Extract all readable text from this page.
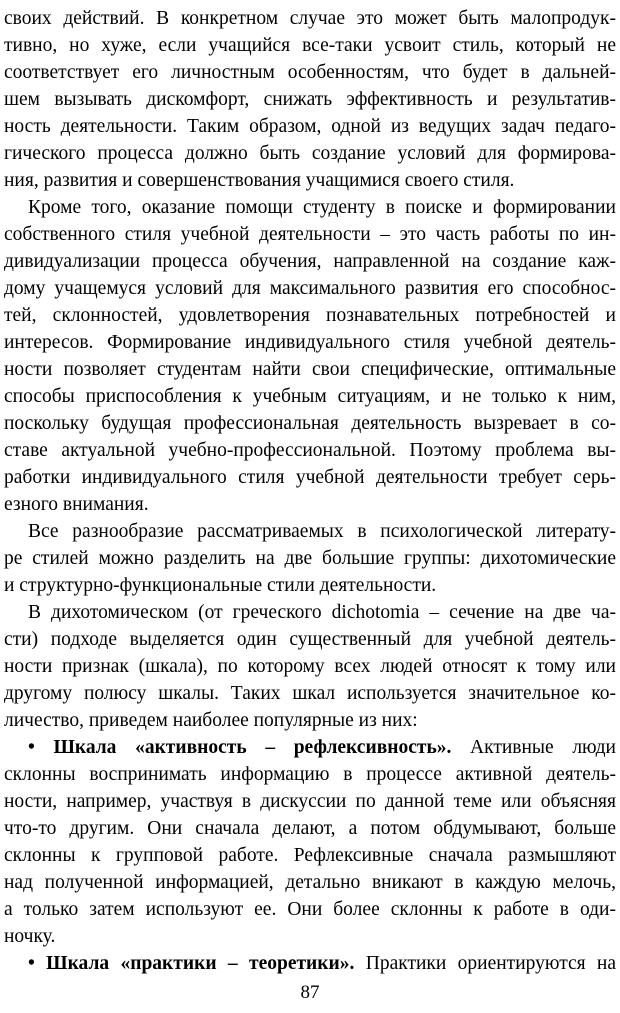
своих действий. В конкретном случае это может быть малопродук-
тивно, но хуже, если учащийся все-таки усвоит стиль, который не
соответствует его личностным особенностям, что будет в дальней-
шем вызывать дискомфорт, снижать эффективность и результатив-
ность деятельности. Таким образом, одной из ведущих задач педаго-
гического процесса должно быть создание условий для формирова-
ния, развития и совершенствования учащимися своего стиля.
Кроме того, оказание помощи студенту в поиске и формировании
собственного стиля учебной деятельности – это часть работы по ин-
дивидуализации процесса обучения, направленной на создание каж-
дому учащемуся условий для максимального развития его способнос-
тей, склонностей, удовлетворения познавательных потребностей и
интересов. Формирование индивидуального стиля учебной деятель-
ности позволяет студентам найти свои специфические, оптимальные
способы приспособления к учебным ситуациям, и не только к ним,
поскольку будущая профессиональная деятельность вызревает в со-
ставе актуальной учебно-профессиональной. Поэтому проблема вы-
работки индивидуального стиля учебной деятельности требует серь-
езного внимания.
Все разнообразие рассматриваемых в психологической литерату-
ре стилей можно разделить на две большие группы: дихотомические
и структурно-функциональные стили деятельности.
В дихотомическом (от греческого dichotomia – сечение на две ча-
сти) подходе выделяется один существенный для учебной деятель-
ности признак (шкала), по которому всех людей относят к тому или
другому полюсу шкалы. Таких шкал используется значительное ко-
личество, приведем наиболее популярные из них:
• Шкала «активность – рефлексивность». Активные люди
склонны воспринимать информацию в процессе активной деятель-
ности, например, участвуя в дискуссии по данной теме или объясняя
что-то другим. Они сначала делают, а потом обдумывают, больше
склонны к групповой работе. Рефлексивные сначала размышляют
над полученной информацией, детально вникают в каждую мелочь,
а только затем используют ее. Они более склонны к работе в оди-
ночку.
• Шкала «практики – теоретики». Практики ориентируются на
87
